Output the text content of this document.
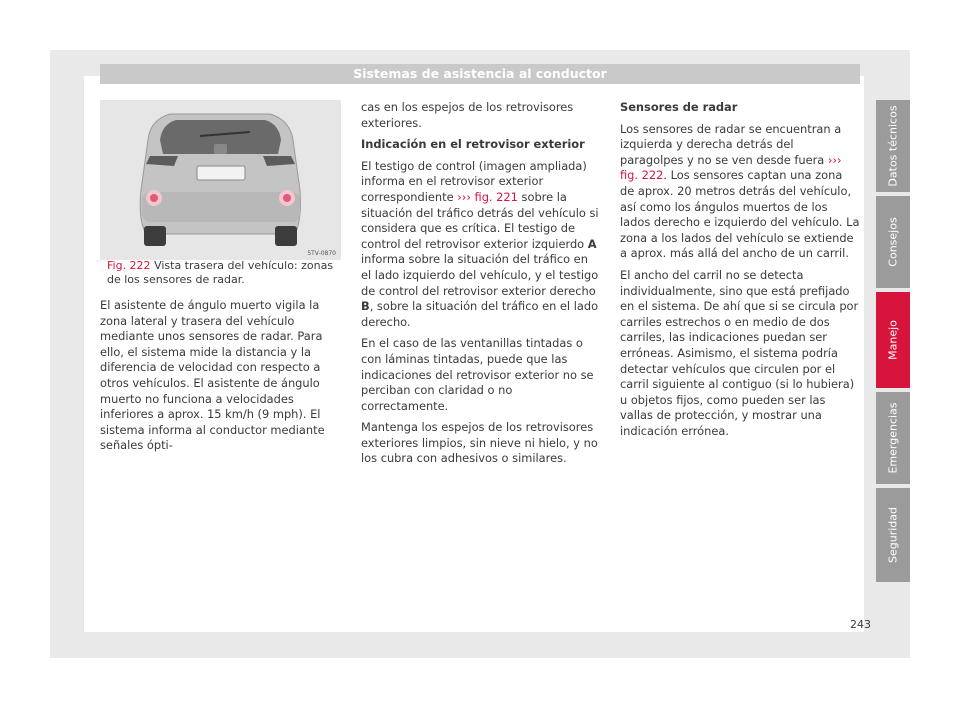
Sistemas de asistencia al conductor
5TV-0870
Fig. 222 Vista trasera del vehículo: zonas de los sensores de radar.

El asistente de ángulo muerto vigila la zona lateral y trasera del vehículo mediante unos sensores de radar. Para ello, el sistema mide la distancia y la diferencia de velocidad con respecto a otros vehículos. El asistente de ángulo muerto no funciona a velocidades inferiores a aprox. 15 km/h (9 mph). El sistema informa al conductor mediante señales ópti-

cas en los espejos de los retrovisores exteriores.

Indicación en el retrovisor exterior

El testigo de control (imagen ampliada) informa en el retrovisor exterior correspondiente ››› fig. 221 sobre la situación del tráfico detrás del vehículo si considera que es crítica. El testigo de control del retrovisor exterior izquierdo A informa sobre la situación del tráfico en el lado izquierdo del vehículo, y el testigo de control del retrovisor exterior derecho B, sobre la situación del tráfico en el lado derecho.

En el caso de las ventanillas tintadas o con láminas tintadas, puede que las indicaciones del retrovisor exterior no se perciban con claridad o no correctamente.

Mantenga los espejos de los retrovisores exteriores limpios, sin nieve ni hielo, y no los cubra con adhesivos o similares.

Sensores de radar

Los sensores de radar se encuentran a izquierda y derecha detrás del paragolpes y no se ven desde fuera ››› fig. 222. Los sensores captan una zona de aprox. 20 metros detrás del vehículo, así como los ángulos muertos de los lados derecho e izquierdo del vehículo. La zona a los lados del vehículo se extiende a aprox. más allá del ancho de un carril.

El ancho del carril no se detecta individualmente, sino que está prefijado en el sistema. De ahí que si se circula por carriles estrechos o en medio de dos carriles, las indicaciones puedan ser erróneas. Asimismo, el sistema podría detectar vehículos que circulen por el carril siguiente al contiguo (si lo hubiera) u objetos fijos, como pueden ser las vallas de protección, y mostrar una indicación errónea.

Datos técnicos
Consejos
Manejo
Emergencias
Seguridad
243
